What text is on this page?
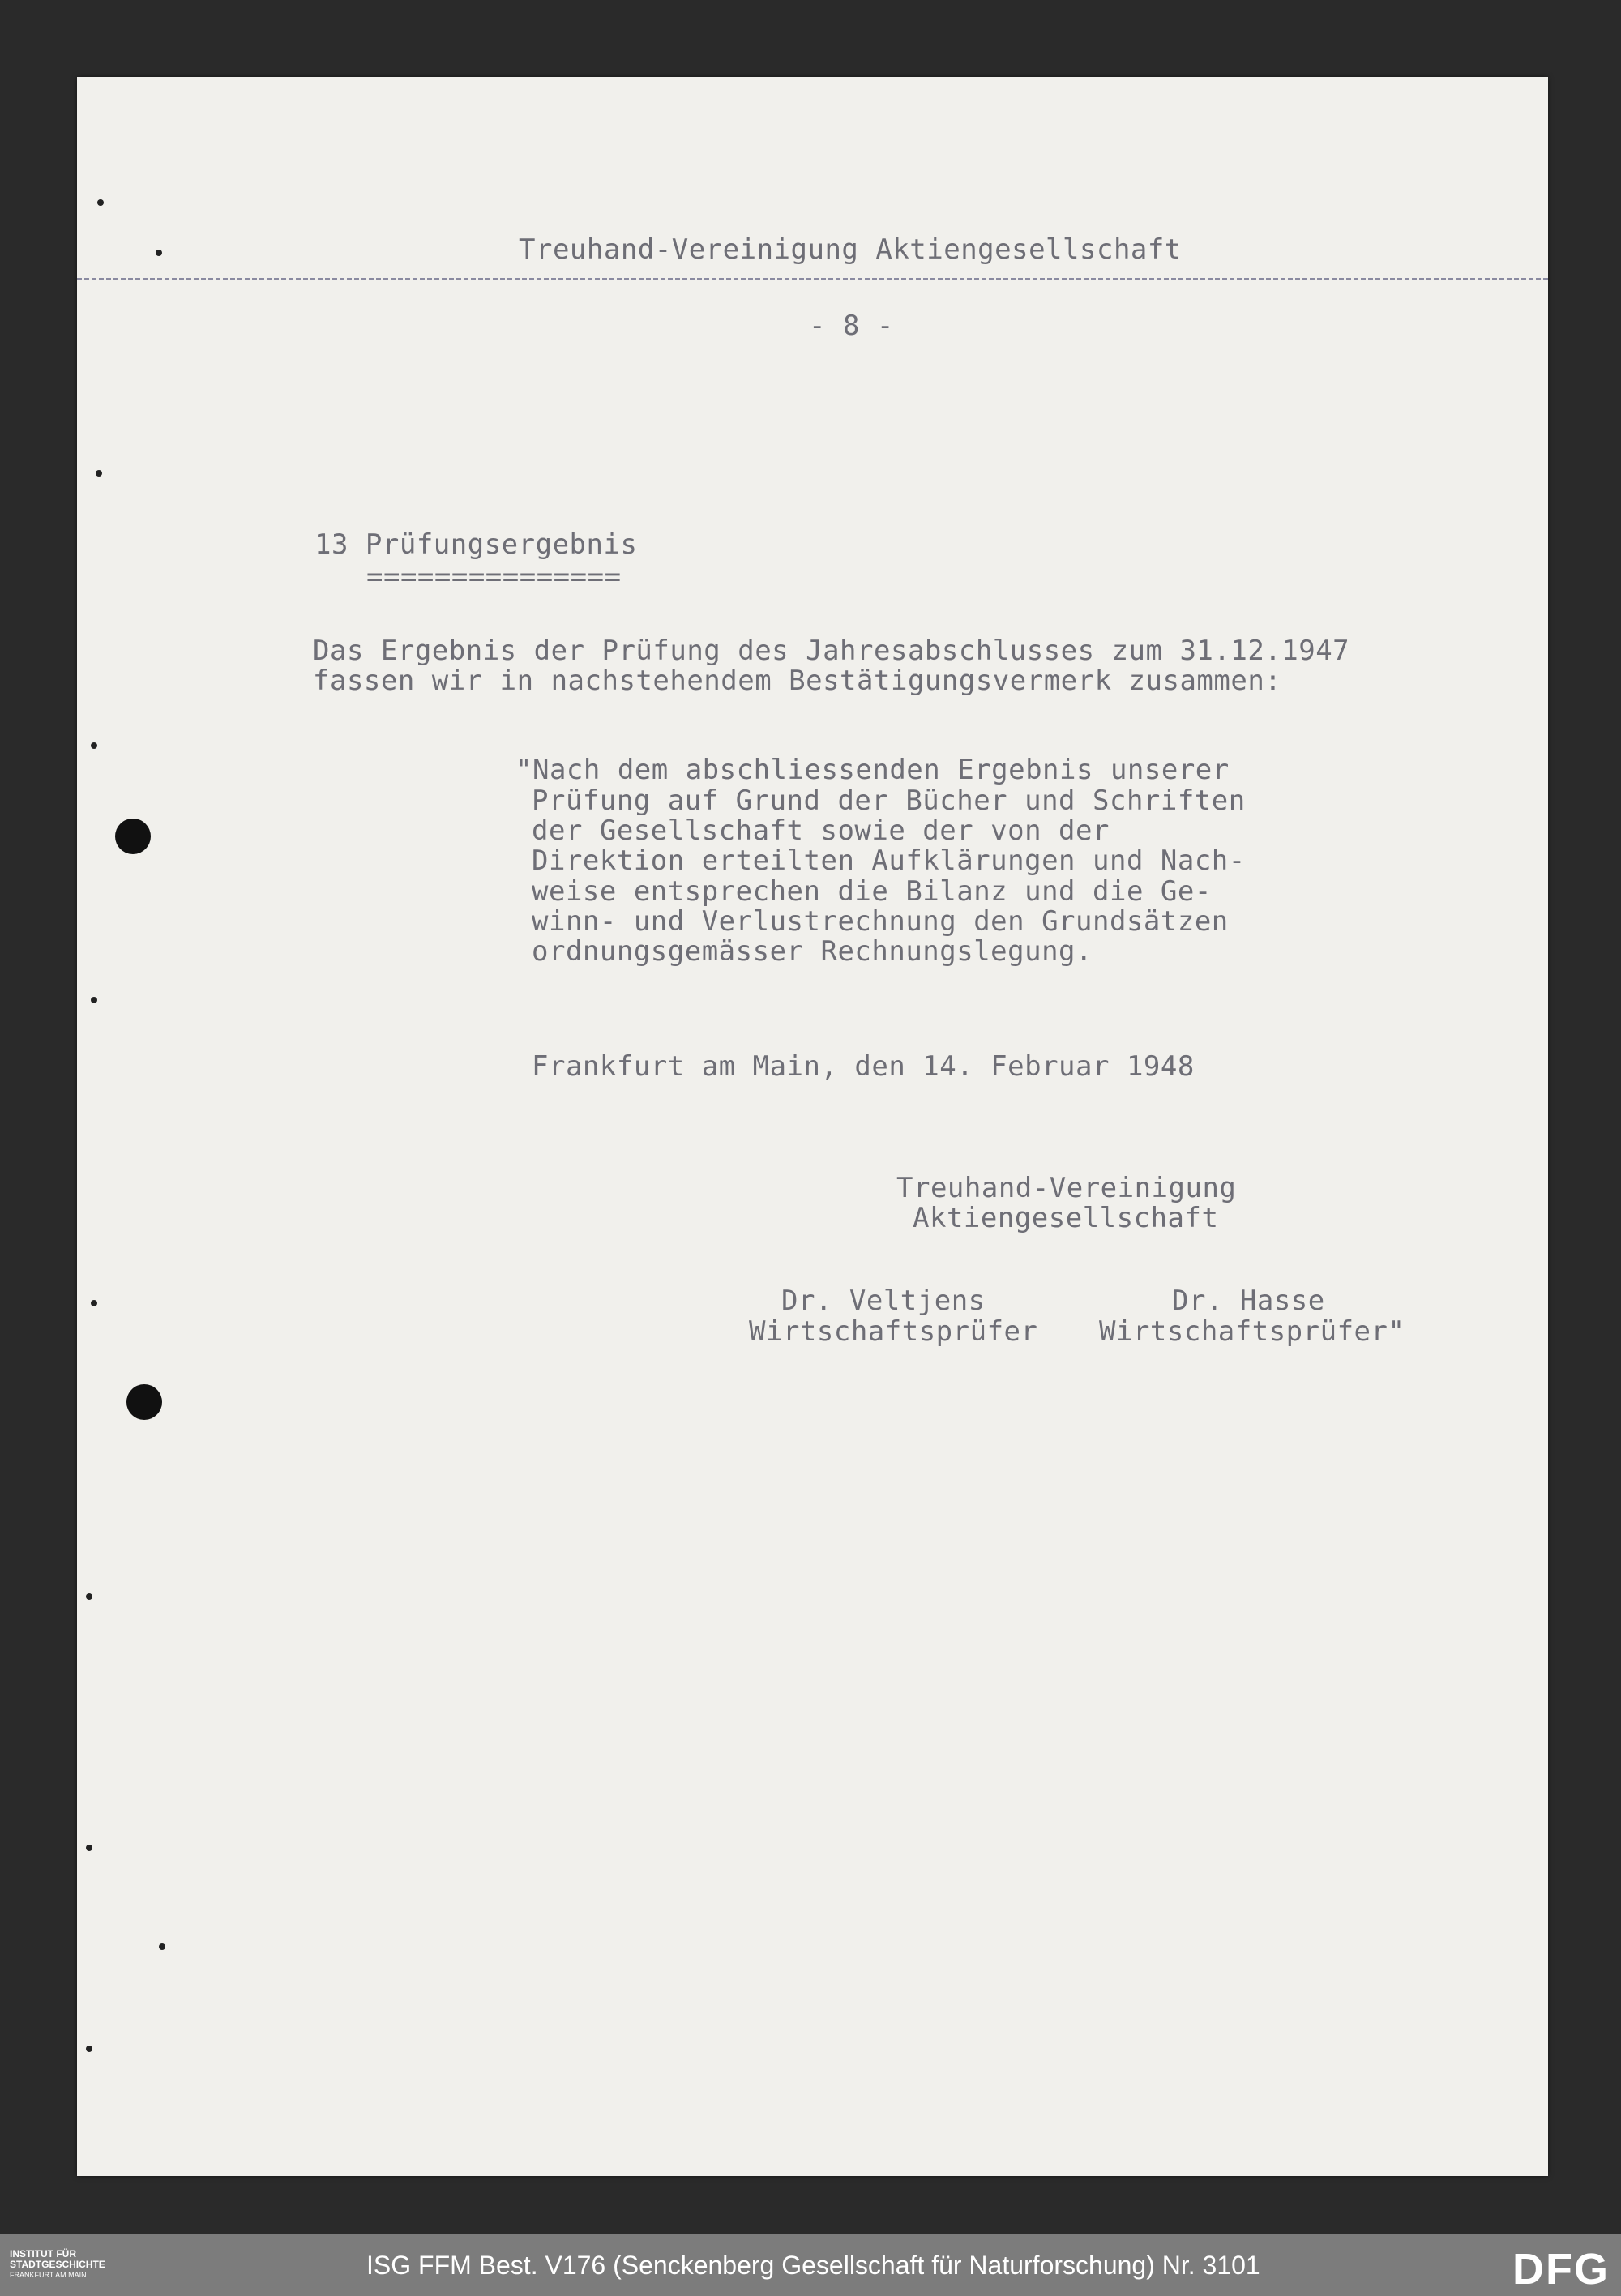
Treuhand-Vereinigung Aktiengesellschaft
- 8 -
13 Prüfungsergebnis
===============
Das Ergebnis der Prüfung des Jahresabschlusses zum 31.12.1947
fassen wir in nachstehendem Bestätigungsvermerk zusammen:
"Nach dem abschliessenden Ergebnis unserer
Prüfung auf Grund der Bücher und Schriften
der Gesellschaft sowie der von der
Direktion erteilten Aufklärungen und Nach-
weise entsprechen die Bilanz und die Ge-
winn- und Verlustrechnung den Grundsätzen
ordnungsgemässer Rechnungslegung.
Frankfurt am Main, den 14. Februar 1948
Treuhand-Vereinigung
Aktiengesellschaft
Dr. Veltjens
Wirtschaftsprüfer
Dr. Hasse
Wirtschaftsprüfer"
INSTITUT FÜR
STADTGESCHICHTE
FRANKFURT AM MAIN	ISG FFM Best. V176 (Senckenberg Gesellschaft für Naturforschung) Nr. 3101	DFG
